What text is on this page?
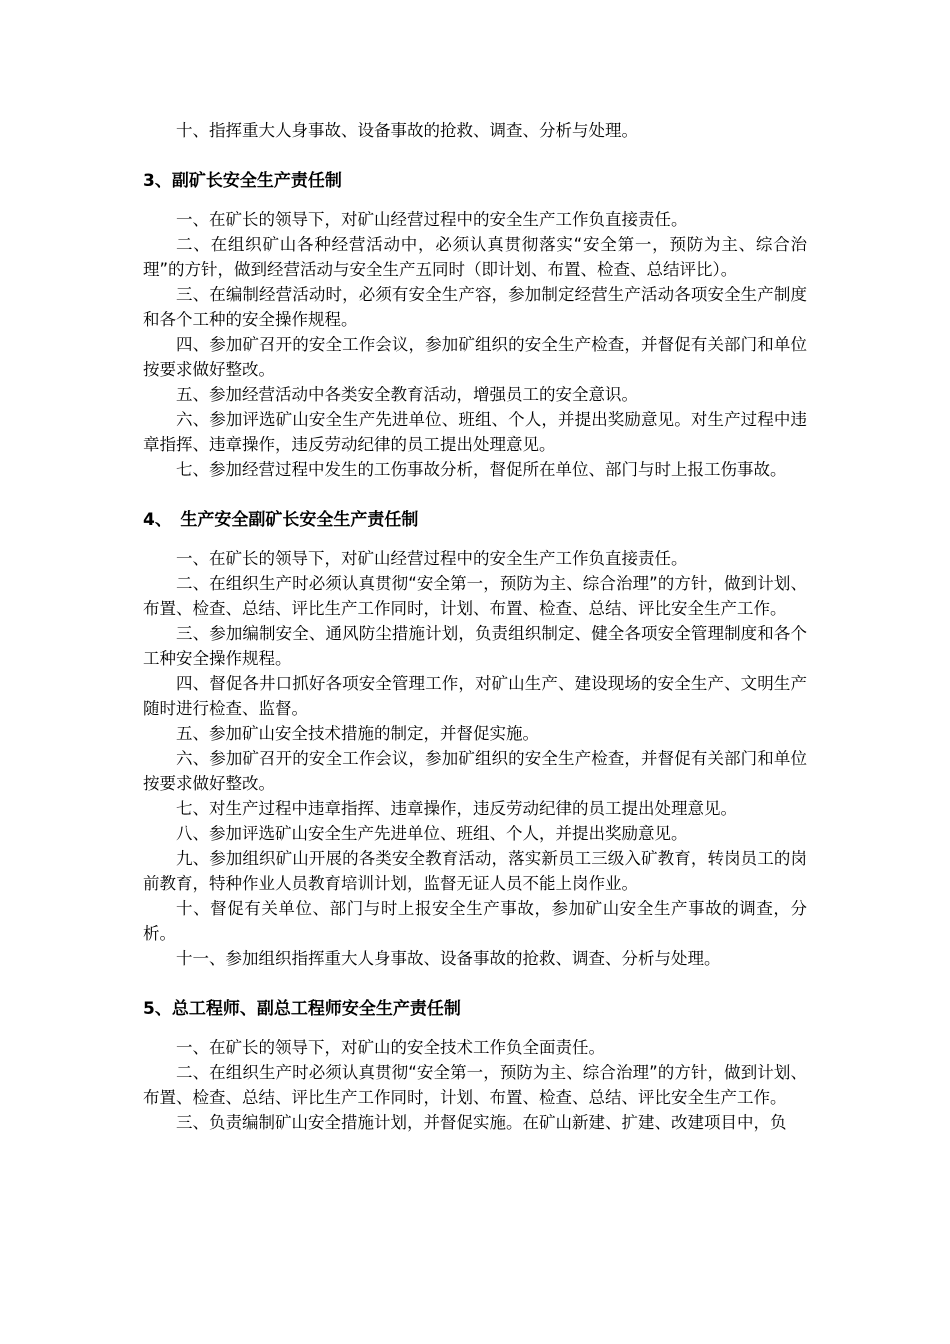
十、指挥重大人身事故、设备事故的抢救、调查、分析与处理。

3、副矿长安全生产责任制

一、在矿长的领导下，对矿山经营过程中的安全生产工作负直接责任。

二、在组织矿山各种经营活动中，必须认真贯彻落实“安全第一，预防为主、综合治理”的方针，做到经营活动与安全生产五同时（即计划、布置、检查、总结评比）。

三、在编制经营活动时，必须有安全生产容，参加制定经营生产活动各项安全生产制度和各个工种的安全操作规程。

四、参加矿召开的安全工作会议，参加矿组织的安全生产检查，并督促有关部门和单位按要求做好整改。

五、参加经营活动中各类安全教育活动，增强员工的安全意识。

六、参加评选矿山安全生产先进单位、班组、个人，并提出奖励意见。对生产过程中违章指挥、违章操作，违反劳动纪律的员工提出处理意见。

七、参加经营过程中发生的工伤事故分析，督促所在单位、部门与时上报工伤事故。

4、　生产安全副矿长安全生产责任制

一、在矿长的领导下，对矿山经营过程中的安全生产工作负直接责任。

二、在组织生产时必须认真贯彻“安全第一，预防为主、综合治理”的方针，做到计划、布置、检查、总结、评比生产工作同时，计划、布置、检查、总结、评比安全生产工作。

三、参加编制安全、通风防尘措施计划，负责组织制定、健全各项安全管理制度和各个工种安全操作规程。

四、督促各井口抓好各项安全管理工作，对矿山生产、建设现场的安全生产、文明生产随时进行检查、监督。

五、参加矿山安全技术措施的制定，并督促实施。

六、参加矿召开的安全工作会议，参加矿组织的安全生产检查，并督促有关部门和单位按要求做好整改。

七、对生产过程中违章指挥、违章操作，违反劳动纪律的员工提出处理意见。

八、参加评选矿山安全生产先进单位、班组、个人，并提出奖励意见。

九、参加组织矿山开展的各类安全教育活动，落实新员工三级入矿教育，转岗员工的岗前教育，特种作业人员教育培训计划，监督无证人员不能上岗作业。

十、督促有关单位、部门与时上报安全生产事故，参加矿山安全生产事故的调查，分析。

十一、参加组织指挥重大人身事故、设备事故的抢救、调查、分析与处理。

5、总工程师、副总工程师安全生产责任制

一、在矿长的领导下，对矿山的安全技术工作负全面责任。

二、在组织生产时必须认真贯彻“安全第一，预防为主、综合治理”的方针，做到计划、布置、检查、总结、评比生产工作同时，计划、布置、检查、总结、评比安全生产工作。

三、负责编制矿山安全措施计划，并督促实施。在矿山新建、扩建、改建项目中，负
